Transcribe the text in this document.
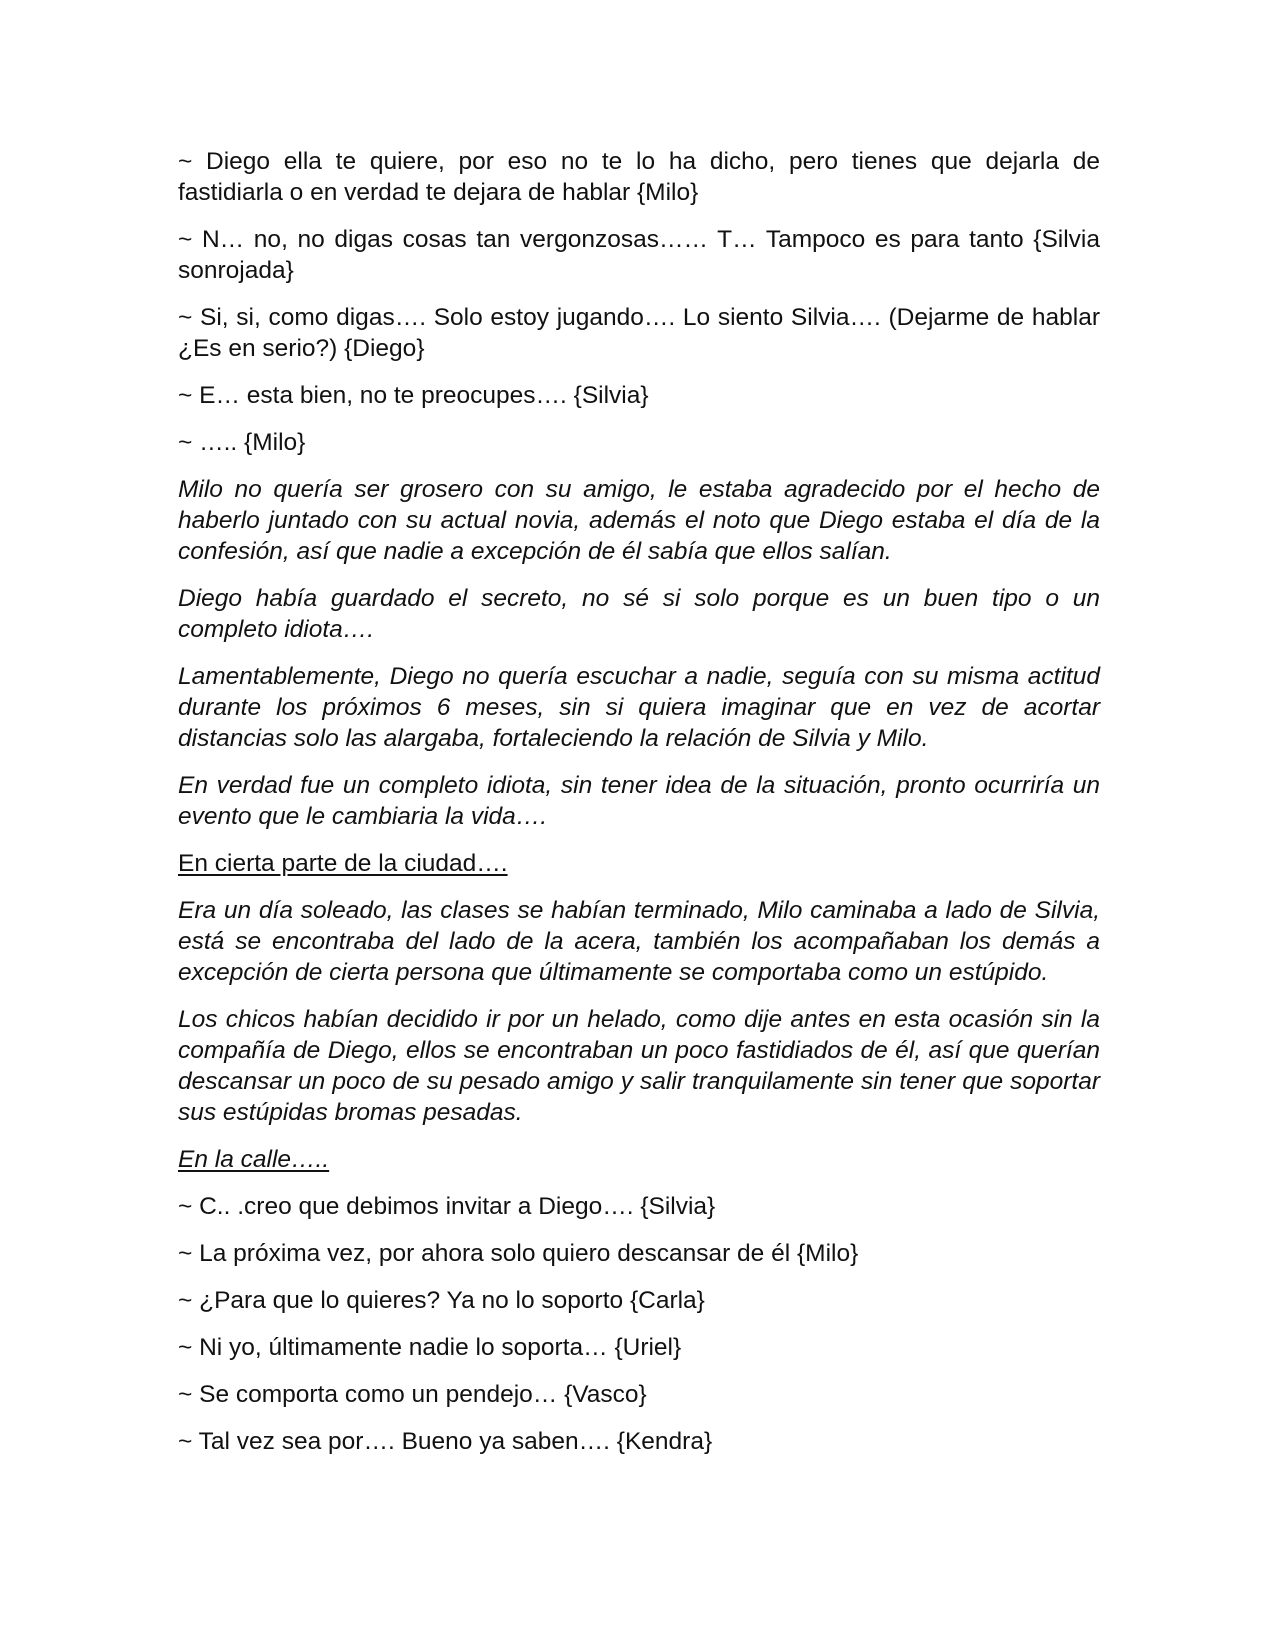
~ Diego ella te quiere, por eso no te lo ha dicho, pero tienes que dejarla de fastidiarla o en verdad te dejara de hablar {Milo}

~ N… no, no digas cosas tan vergonzosas…… T… Tampoco es para tanto {Silvia sonrojada}

~ Si, si, como digas…. Solo estoy jugando…. Lo siento Silvia…. (Dejarme de hablar ¿Es en serio?) {Diego}

~ E… esta bien, no te preocupes…. {Silvia}

~ ….. {Milo}

Milo no quería ser grosero con su amigo, le estaba agradecido por el hecho de haberlo juntado con su actual novia, además el noto que Diego estaba el día de la confesión, así que nadie a excepción de él sabía que ellos salían.

Diego había guardado el secreto, no sé si solo porque es un buen tipo o un completo idiota….

Lamentablemente, Diego no quería escuchar a nadie, seguía con su misma actitud durante los próximos 6 meses, sin si quiera imaginar que en vez de acortar distancias solo las alargaba, fortaleciendo la relación de Silvia y Milo.

En verdad fue un completo idiota, sin tener idea de la situación, pronto ocurriría un evento que le cambiaria la vida….

En cierta parte de la ciudad….

Era un día soleado, las clases se habían terminado, Milo caminaba a lado de Silvia, está se encontraba del lado de la acera, también los acompañaban los demás a excepción de cierta persona que últimamente se comportaba como un estúpido.

Los chicos habían decidido ir por un helado, como dije antes en esta ocasión sin la compañía de Diego, ellos se encontraban un poco fastidiados de él, así que querían descansar un poco de su pesado amigo y salir tranquilamente sin tener que soportar sus estúpidas bromas pesadas.

En la calle…..

~ C.. .creo que debimos invitar a Diego…. {Silvia}

~ La próxima vez, por ahora solo quiero descansar de él {Milo}

~ ¿Para que lo quieres? Ya no lo soporto {Carla}

~ Ni yo, últimamente nadie lo soporta… {Uriel}

~ Se comporta como un pendejo… {Vasco}

~ Tal vez sea por…. Bueno ya saben…. {Kendra}
